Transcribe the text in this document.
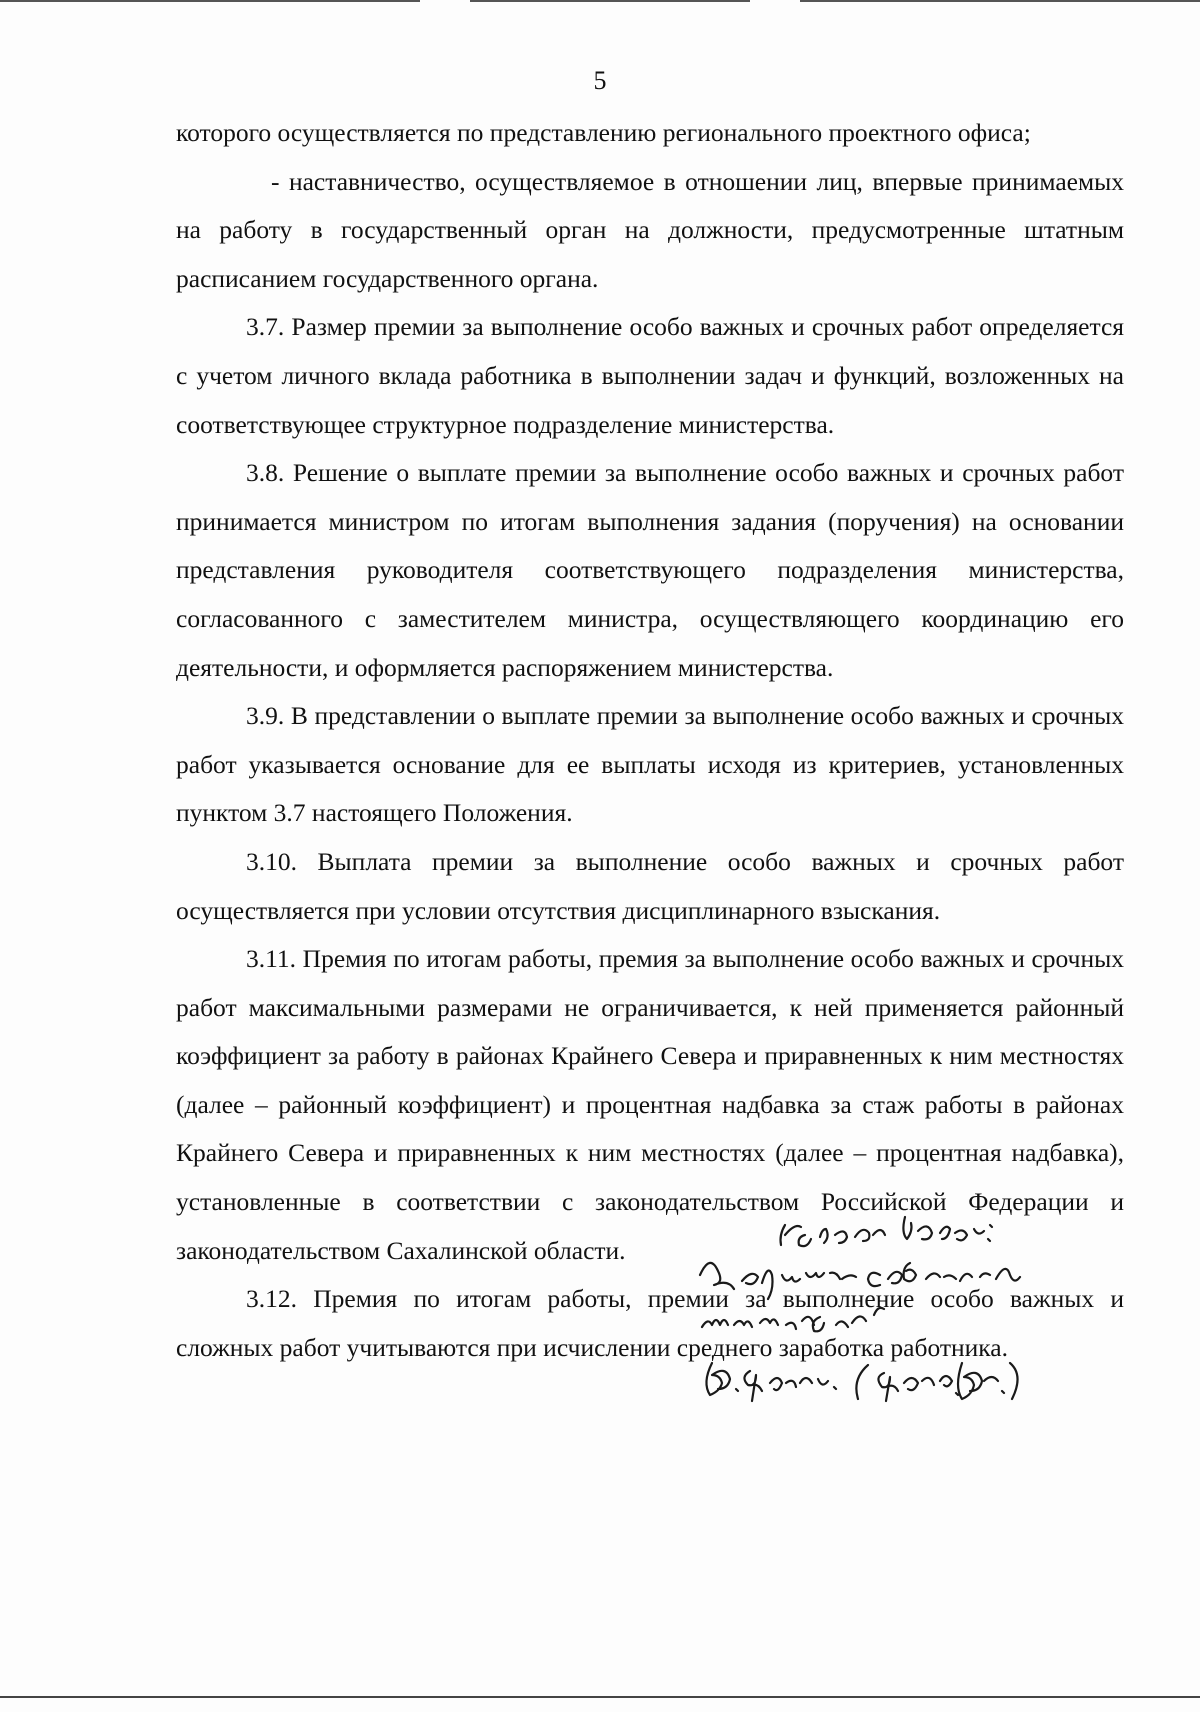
5

которого осуществляется по представлению регионального проектного офиса;

- наставничество, осуществляемое в отношении лиц, впервые принимаемых на работу в государственный орган на должности, предусмотренные штатным расписанием государственного органа.

3.7. Размер премии за выполнение особо важных и срочных работ определяется с учетом личного вклада работника в выполнении задач и функций, возложенных на соответствующее структурное подразделение министерства.

3.8. Решение о выплате премии за выполнение особо важных и срочных работ принимается министром по итогам выполнения задания (поручения) на основании представления руководителя соответствующего подразделения министерства, согласованного с заместителем министра, осуществляющего координацию его деятельности, и оформляется распоряжением министерства.

3.9. В представлении о выплате премии за выполнение особо важных и срочных работ указывается основание для ее выплаты исходя из критериев, установленных пунктом 3.7 настоящего Положения.

3.10. Выплата премии за выполнение особо важных и срочных работ осуществляется при условии отсутствия дисциплинарного взыскания.

3.11. Премия по итогам работы, премия за выполнение особо важных и срочных работ максимальными размерами не ограничивается, к ней применяется районный коэффициент за работу в районах Крайнего Севера и приравненных к ним местностях (далее – районный коэффициент) и процентная надбавка за стаж работы в районах Крайнего Севера и приравненных к ним местностях (далее – процентная надбавка), установленные в соответствии с законодательством Российской Федерации и законодательством Сахалинской области.

3.12. Премия по итогам работы, премии за выполнение особо важных и сложных работ учитываются при исчислении среднего заработка работника.
